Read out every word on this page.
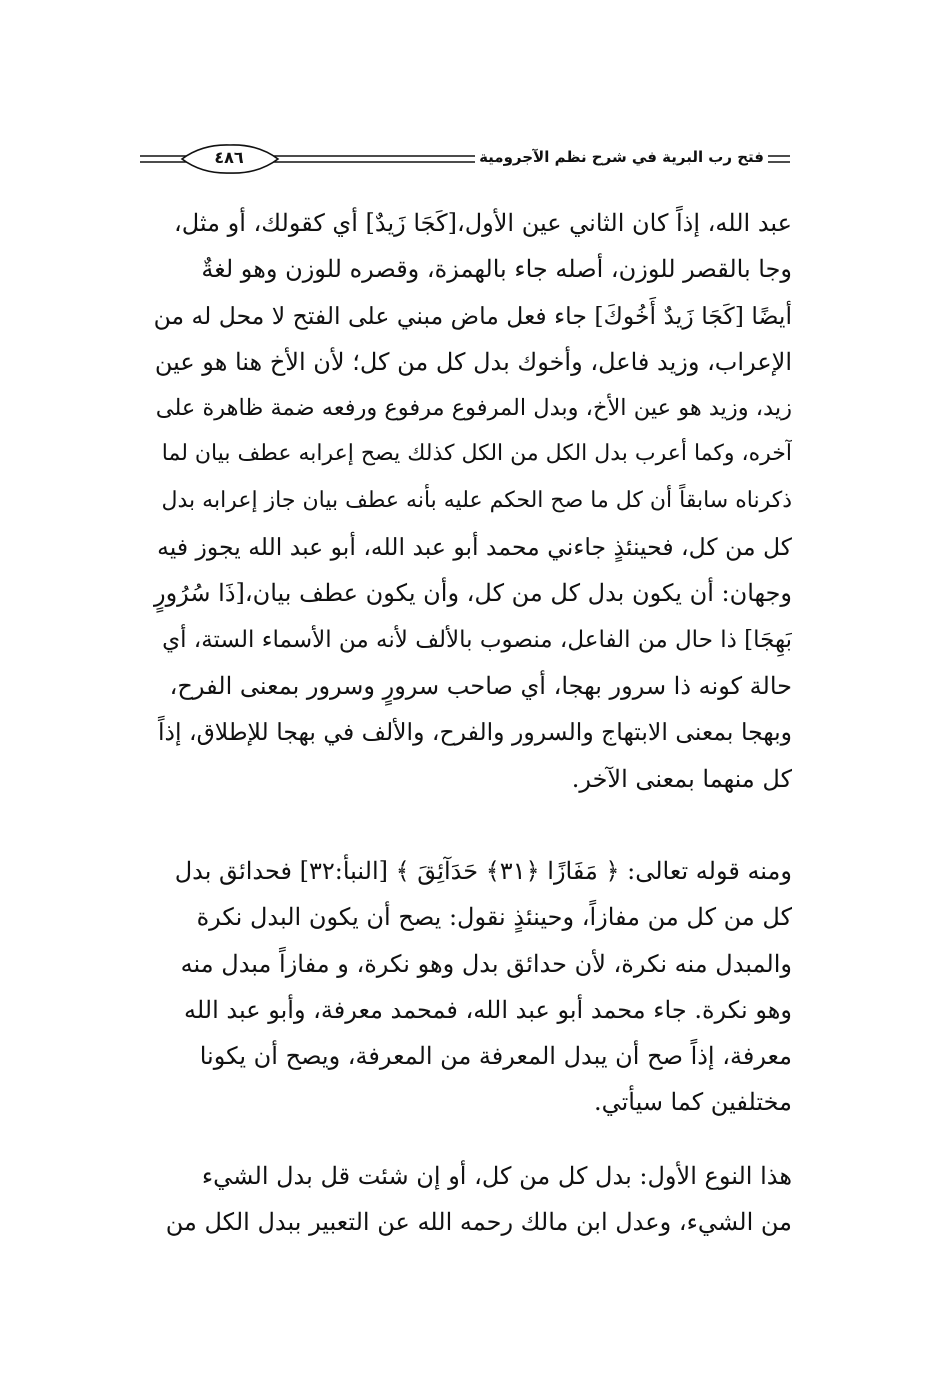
فتح رب البرية في شرح نظم الآجرومية
٤٨٦

عبد الله، إذاً كان الثاني عين الأول،[كَجَا زَيدٌ] أي كقولك، أو مثل،
وجا بالقصر للوزن، أصله جاء بالهمزة، وقصره للوزن وهو لغةٌ
أيضًا [كَجَا زَيدٌ أَخُوكَ] جاء فعل ماض مبني على الفتح لا محل له من
الإعراب، وزيد فاعل، وأخوك بدل كل من كل؛ لأن الأخ هنا هو عين
زيد، وزيد هو عين الأخ، وبدل المرفوع مرفوع ورفعه ضمة ظاهرة على
آخره، وكما أعرب بدل الكل من الكل كذلك يصح إعرابه عطف بيان لما
ذكرناه سابقاً أن كل ما صح الحكم عليه بأنه عطف بيان جاز إعرابه بدل
كل من كل، فحينئذٍ جاءني محمد أبو عبد الله، أبو عبد الله يجوز فيه
وجهان: أن يكون بدل كل من كل، وأن يكون عطف بيان،[ذَا سُرُورٍ
بَهِجَا] ذا حال من الفاعل، منصوب بالألف لأنه من الأسماء الستة، أي
حالة كونه ذا سرور بهجا، أي صاحب سرورٍ وسرور بمعنى الفرح،
وبهجا بمعنى الابتهاج والسرور والفرح، والألف في بهجا للإطلاق، إذاً
كل منهما بمعنى الآخر.

ومنه قوله تعالى: ﴿ مَفَازًا ﴿٣١﴾ حَدَآئِقَ ﴾ [النبأ:٣٢] فحدائق بدل
كل من كل من مفازاً، وحينئذٍ نقول: يصح أن يكون البدل نكرة
والمبدل منه نكرة، لأن حدائق بدل وهو نكرة، و مفازاً مبدل منه
وهو نكرة. جاء محمد أبو عبد الله، فمحمد معرفة، وأبو عبد الله
معرفة، إذاً صح أن يبدل المعرفة من المعرفة، ويصح أن يكونا
مختلفين كما سيأتي.

هذا النوع الأول: بدل كل من كل، أو إن شئت قل بدل الشيء
من الشيء، وعدل ابن مالك رحمه الله عن التعبير ببدل الكل من
